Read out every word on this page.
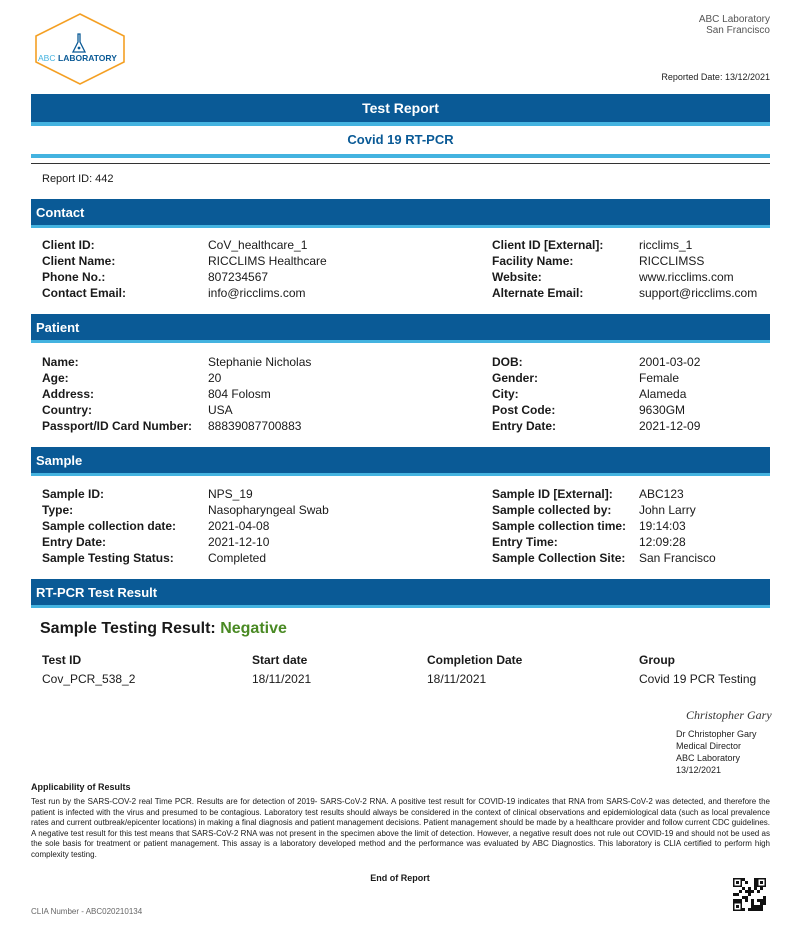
ABC LABORATORY
ABC Laboratory
San Francisco
Reported Date: 13/12/2021
Test Report
Covid 19 RT-PCR
Report ID: 442
Contact
Client ID:	CoV_healthcare_1	Client ID [External]:	ricclims_1
Client Name:	RICCLIMS Healthcare	Facility Name:	RICCLIMSS
Phone No.:	807234567	Website:	www.ricclims.com
Contact Email:	info@ricclims.com	Alternate Email:	support@ricclims.com
Patient
Name:	Stephanie Nicholas	DOB:	2001-03-02
Age:	20	Gender:	Female
Address:	804 Folosm	City:	Alameda
Country:	USA	Post Code:	9630GM
Passport/ID Card Number: 88839087700883	Entry Date:	2021-12-09
Sample
Sample ID:	NPS_19	Sample ID [External]: ABC123
Type:	Nasopharyngeal Swab	Sample collected by: John Larry
Sample collection date:	2021-04-08	Sample collection time: 19:14:03
Entry Date:	2021-12-10	Entry Time:	12:09:28
Sample Testing Status:	Completed	Sample Collection Site: San Francisco
RT-PCR Test Result
Sample Testing Result: Negative
Test ID	Start date	Completion Date	Group
Cov_PCR_538_2	18/11/2021	18/11/2021	Covid 19 PCR Testing
Christopher Gary
Dr Christopher Gary
Medical Director
ABC Laboratory
13/12/2021
Applicability of Results
Test run by the SARS-COV-2 real Time PCR. Results are for detection of 2019- SARS-CoV-2 RNA. A positive test result for COVID-19 indicates that RNA from SARS-CoV-2 was detected, and therefore the patient is infected with the virus and presumed to be contagious. Laboratory test results should always be considered in the context of clinical observations and epidemiological data (such as local prevalence rates and current outbreak/epicenter locations) in making a final diagnosis and patient management decisions. Patient management should be made by a healthcare provider and follow current CDC guidelines. A negative test result for this test means that SARS-CoV-2 RNA was not present in the specimen above the limit of detection. However, a negative result does not rule out COVID-19 and should not be used as the sole basis for treatment or patient management. This assay is a laboratory developed method and the performance was evaluated by ABC Diagnostics. This laboratory is CLIA certified to perform high complexity testing.
End of Report
CLIA Number - ABC020210134
